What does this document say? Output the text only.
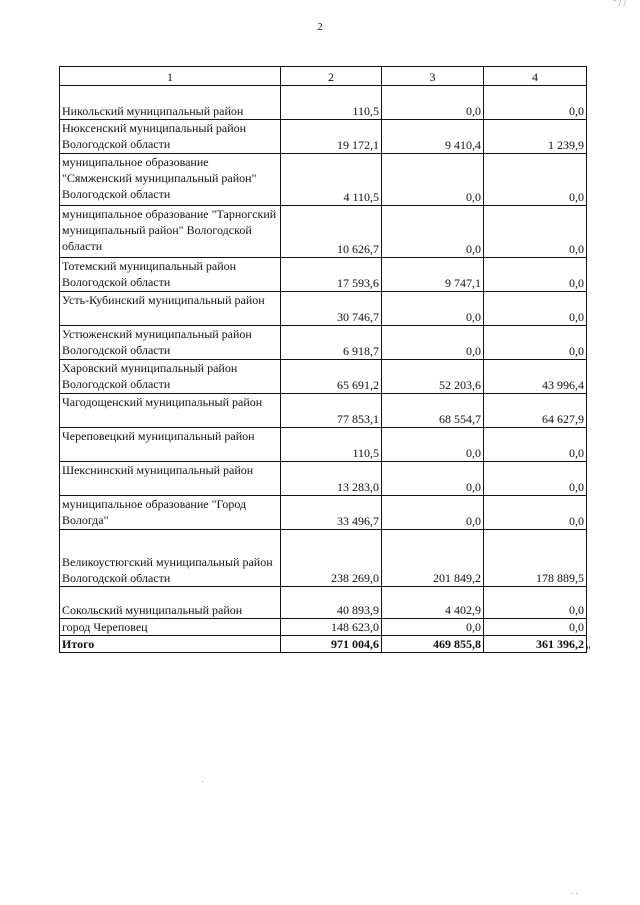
″ / /
2
1	2	3	4
Никольский муниципальный район	110,5	0,0	0,0
Нюксенский муниципальный район Вологодской области	19 172,1	9 410,4	1 239,9
муниципальное образование "Сямженский муниципальный район" Вологодской области	4 110,5	0,0	0,0
муниципальное образование "Тарногский муниципальный район" Вологодской области	10 626,7	0,0	0,0
Тотемский муниципальный район Вологодской области	17 593,6	9 747,1	0,0
Усть-Кубинский муниципальный район	30 746,7	0,0	0,0
Устюженский муниципальный район Вологодской области	6 918,7	0,0	0,0
Харовский муниципальный район Вологодской области	65 691,2	52 203,6	43 996,4
Чагодощенский муниципальный район	77 853,1	68 554,7	64 627,9
Череповецкий муниципальный район	110,5	0,0	0,0
Шекснинский муниципальный район	13 283,0	0,0	0,0
муниципальное образование "Город Вологда"	33 496,7	0,0	0,0
Великоустюгский муниципальный район Вологодской области	238 269,0	201 849,2	178 889,5
Сокольский муниципальный район	40 893,9	4 402,9	0,0
город Череповец	148 623,0	0,0	0,0
Итого	971 004,6	469 855,8	361 396,2 "
